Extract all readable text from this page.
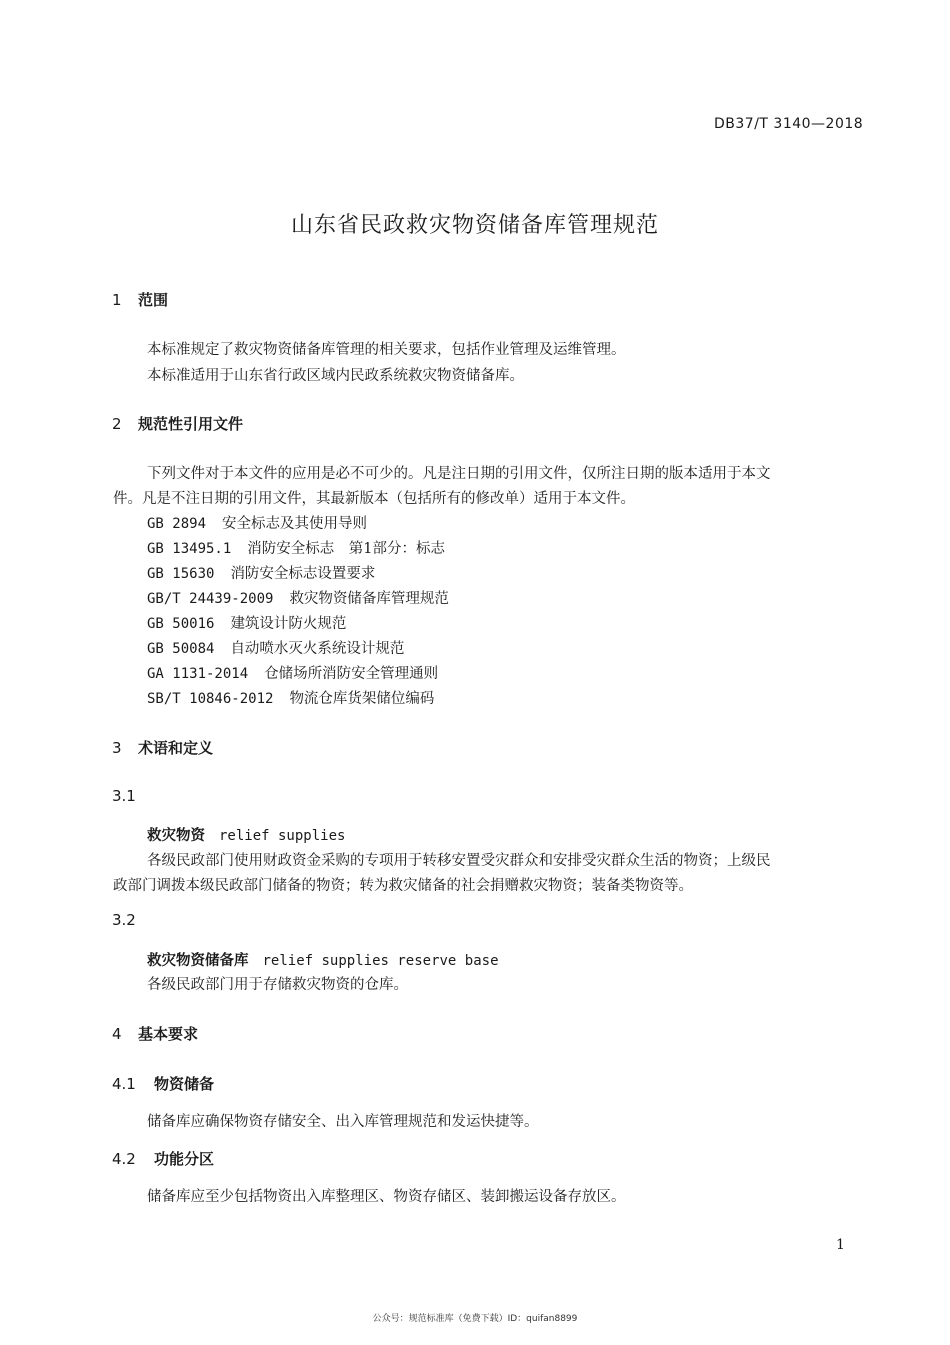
DB37/T 3140—2018
山东省民政救灾物资储备库管理规范
1 范围
本标准规定了救灾物资储备库管理的相关要求，包括作业管理及运维管理。
本标准适用于山东省行政区域内民政系统救灾物资储备库。
2 规范性引用文件
下列文件对于本文件的应用是必不可少的。凡是注日期的引用文件，仅所注日期的版本适用于本文
件。凡是不注日期的引用文件，其最新版本（包括所有的修改单）适用于本文件。
GB 2894 安全标志及其使用导则
GB 13495.1 消防安全标志　第1部分：标志
GB 15630 消防安全标志设置要求
GB/T 24439-2009 救灾物资储备库管理规范
GB 50016 建筑设计防火规范
GB 50084 自动喷水灭火系统设计规范
GA 1131-2014 仓储场所消防安全管理通则
SB/T 10846-2012 物流仓库货架储位编码
3 术语和定义
3.1
救灾物资 relief supplies
各级民政部门使用财政资金采购的专项用于转移安置受灾群众和安排受灾群众生活的物资；上级民
政部门调拨本级民政部门储备的物资；转为救灾储备的社会捐赠救灾物资；装备类物资等。
3.2
救灾物资储备库 relief supplies reserve base
各级民政部门用于存储救灾物资的仓库。
4 基本要求
4.1 物资储备
储备库应确保物资存储安全、出入库管理规范和发运快捷等。
4.2 功能分区
储备库应至少包括物资出入库整理区、物资存储区、装卸搬运设备存放区。
1
公众号：规范标准库（免费下载）ID：quifan8899
